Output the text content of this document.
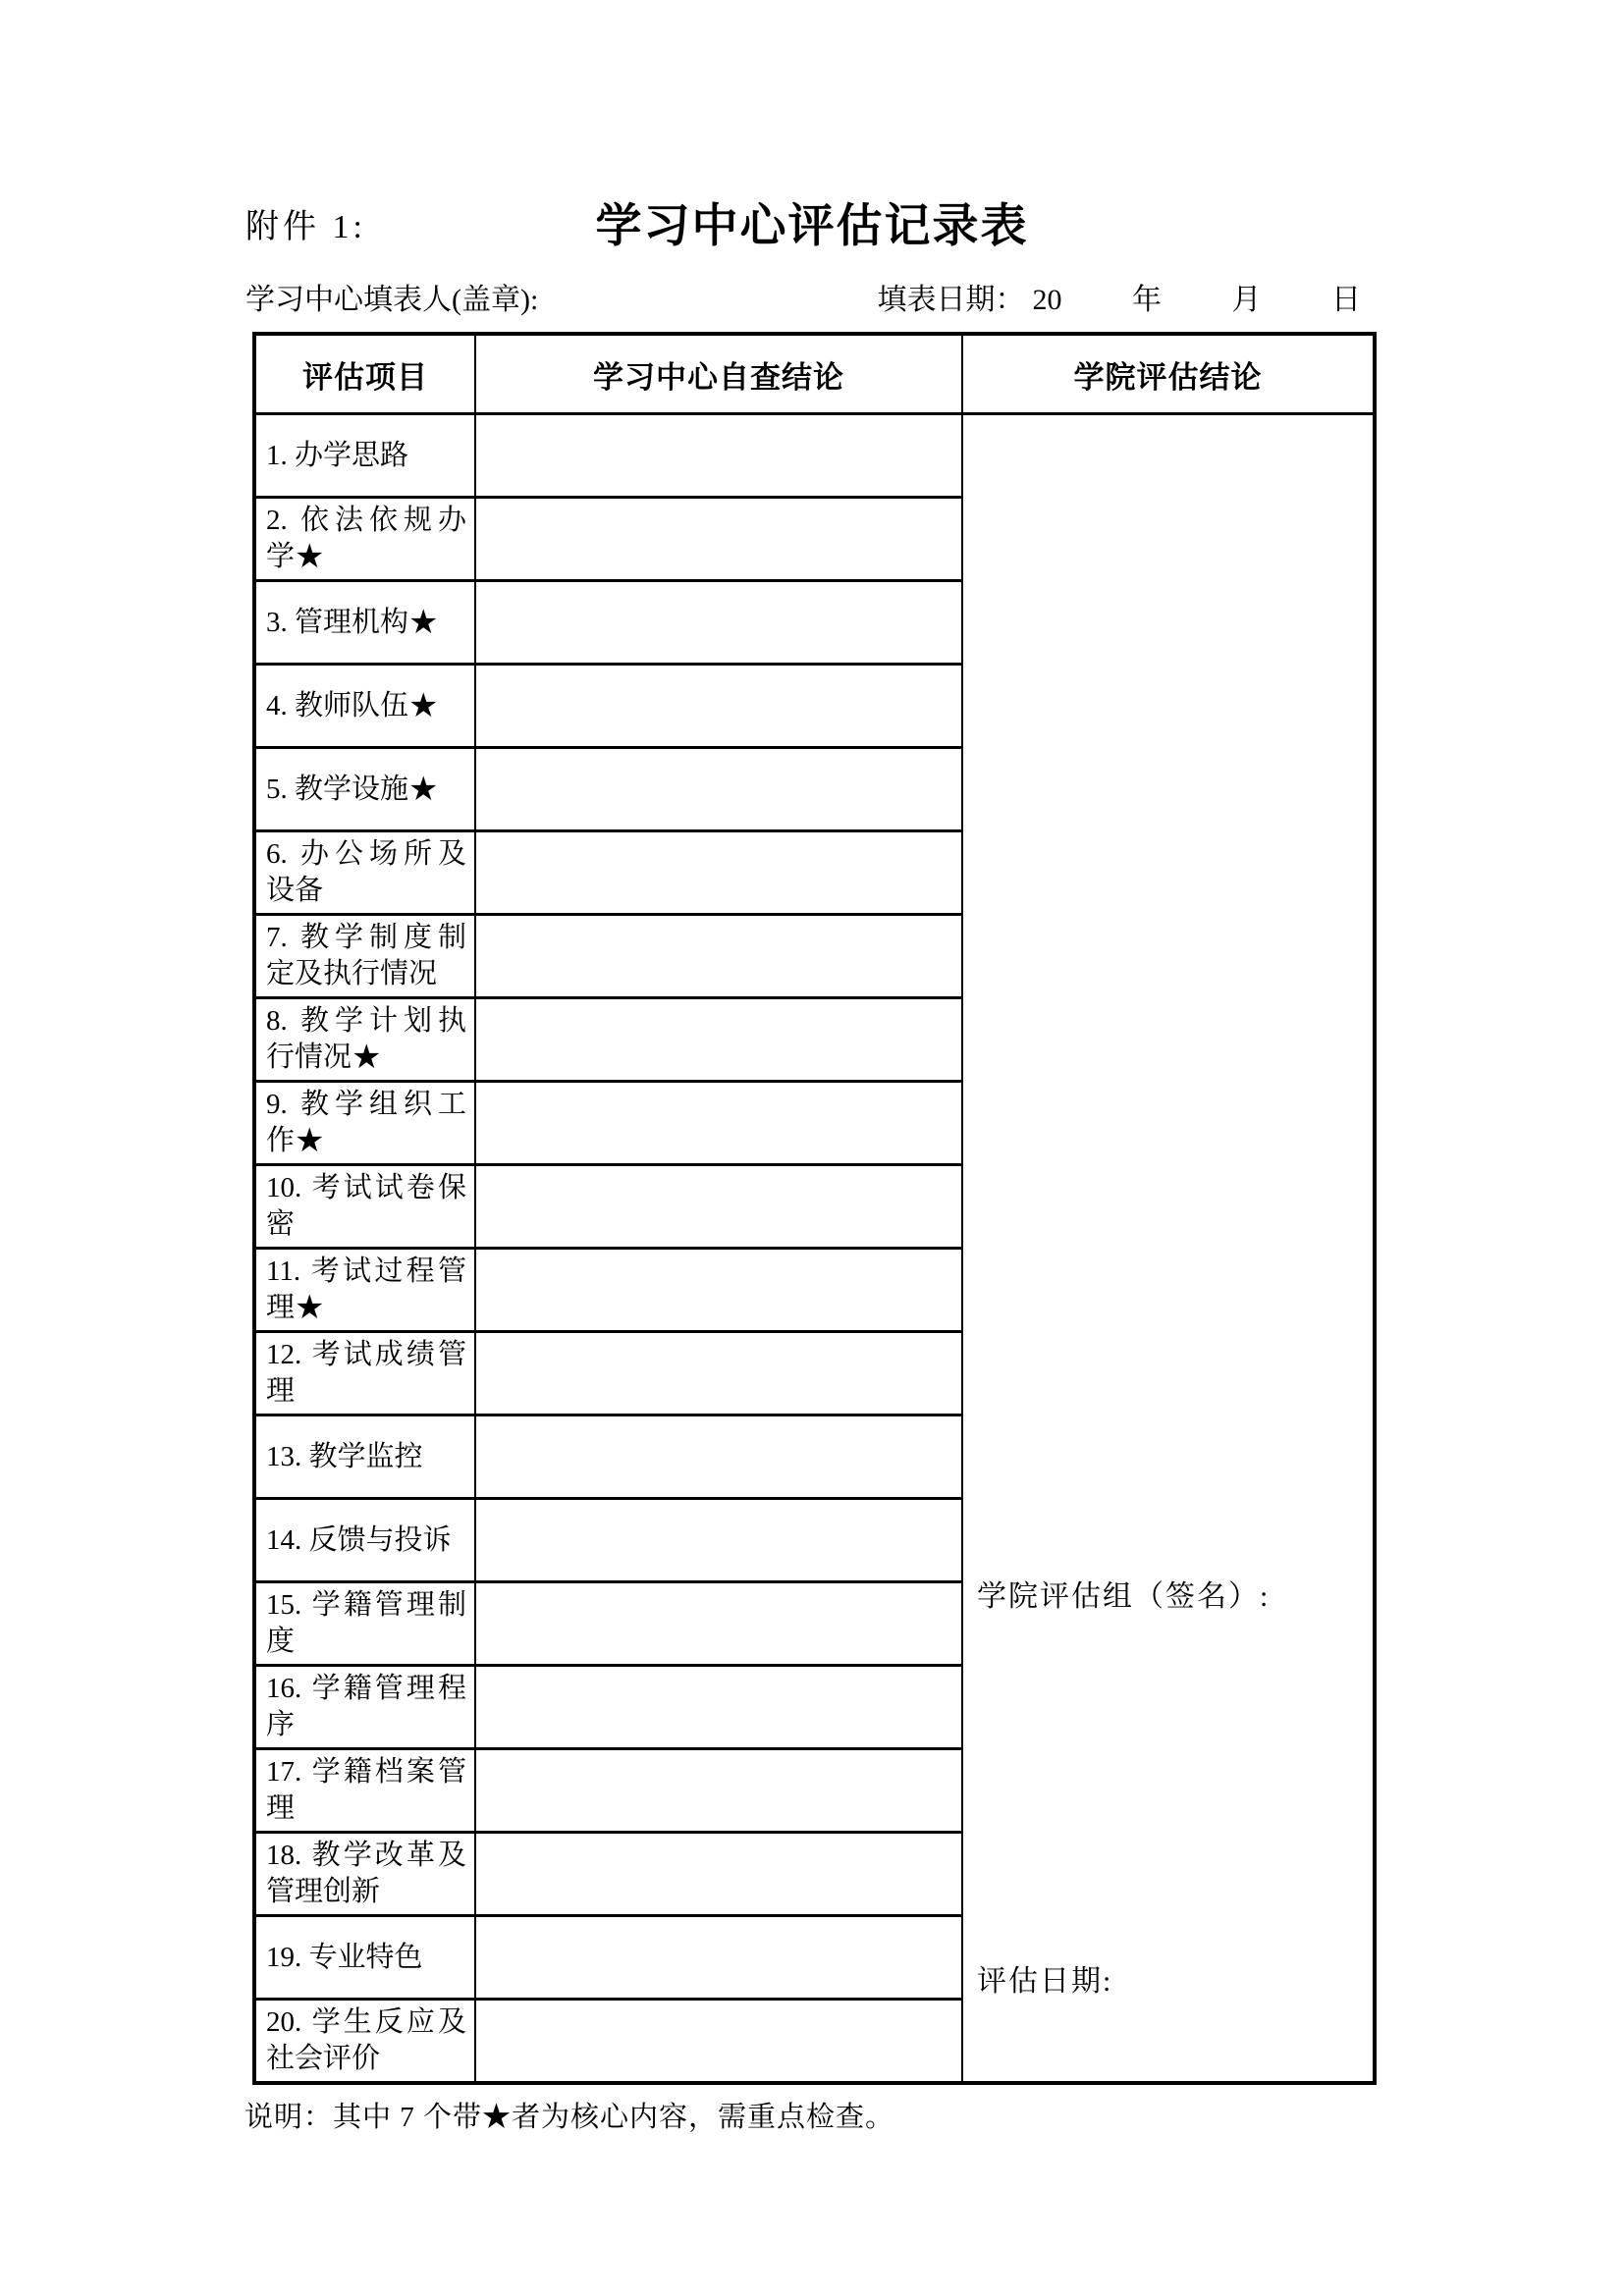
附件 1:	学习中心评估记录表
学习中心填表人(盖章):	填表日期： 20 年 月 日
评估项目	学习中心自查结论	学院评估结论

1. 办学思路		学院评估组（签名）:
评估日期:

2. 依法依规办
学★		

3. 管理机构★		

4. 教师队伍★		

5. 教学设施★		

6. 办公场所及
设备		

7. 教学制度制
定及执行情况		

8. 教学计划执
行情况★		

9. 教学组织工
作★		

10. 考试试卷保
密		

11. 考试过程管
理★		

12. 考试成绩管
理		

13. 教学监控		

14. 反馈与投诉		

15. 学籍管理制
度		

16. 学籍管理程
序		

17. 学籍档案管
理		

18. 教学改革及
管理创新		

19. 专业特色		

20. 学生反应及
社会评价		

说明：其中 7 个带★者为核心内容，需重点检查。
